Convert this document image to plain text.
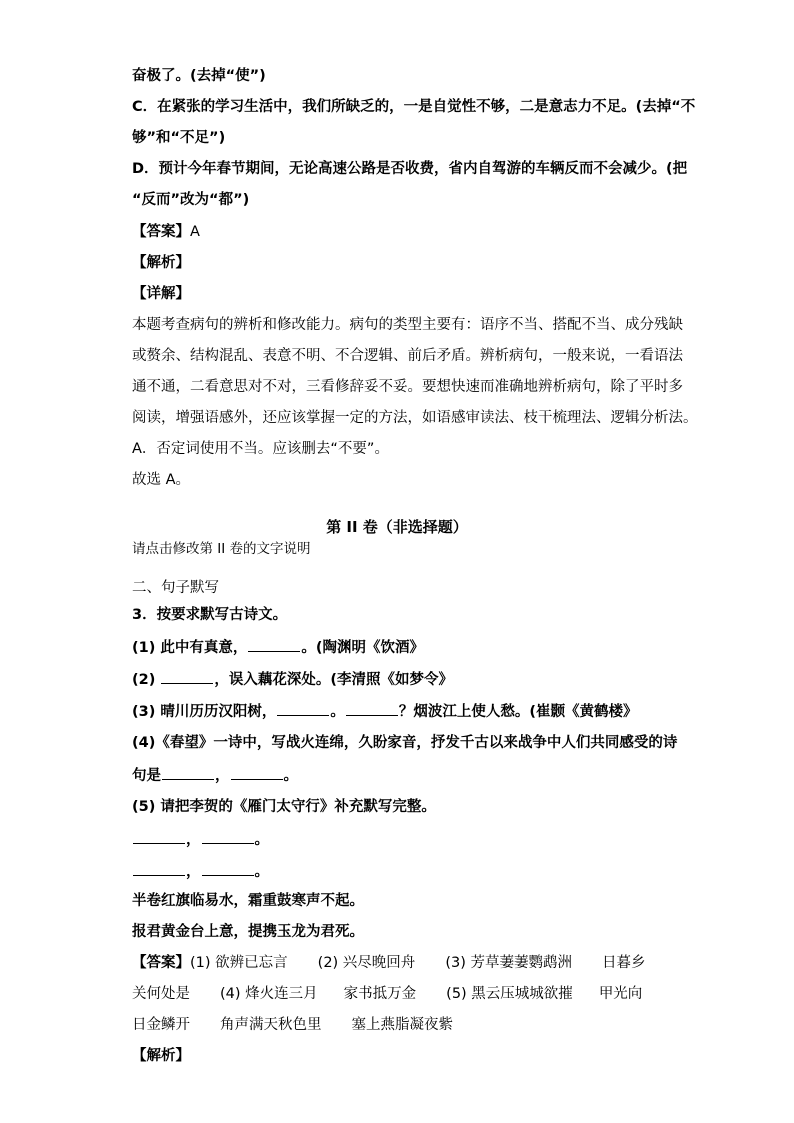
奋极了。(去掉“使”)
C．在紧张的学习生活中，我们所缺乏的，一是自觉性不够，二是意志力不足。(去掉“不
够”和“不足”)
D．预计今年春节期间，无论高速公路是否收费，省内自驾游的车辆反而不会减少。(把
“反而”改为“都”)
【答案】A
【解析】
【详解】
本题考查病句的辨析和修改能力。病句的类型主要有：语序不当、搭配不当、成分残缺
或赘余、结构混乱、表意不明、不合逻辑、前后矛盾。辨析病句，一般来说，一看语法
通不通，二看意思对不对，三看修辞妥不妥。要想快速而准确地辨析病句，除了平时多
阅读，增强语感外，还应该掌握一定的方法，如语感审读法、枝干梳理法、逻辑分析法。
A．否定词使用不当。应该删去“不要”。
故选 A。
第 II 卷（非选择题）
请点击修改第 II 卷的文字说明
二、句子默写
3．按要求默写古诗文。
(1) 此中有真意，	。(陶渊明《饮酒》
(2)	，误入藕花深处。(李清照《如梦令》
(3) 晴川历历汉阳树，	。	？烟波江上使人愁。(崔颢《黄鹤楼》
(4)《春望》一诗中，写战火连绵，久盼家音，抒发千古以来战争中人们共同感受的诗
句是	，	。
(5) 请把李贺的《雁门太守行》补充默写完整。
，	。
，	。
半卷红旗临易水，霜重鼓寒声不起。
报君黄金台上意，提携玉龙为君死。
【答案】(1) 欲辨已忘言 (2) 兴尽晚回舟 (3) 芳草萋萋鹦鹉洲 日暮乡
关何处是 (4) 烽火连三月 家书抵万金 (5) 黑云压城城欲摧 甲光向
日金鳞开 角声满天秋色里 塞上燕脂凝夜紫
【解析】
